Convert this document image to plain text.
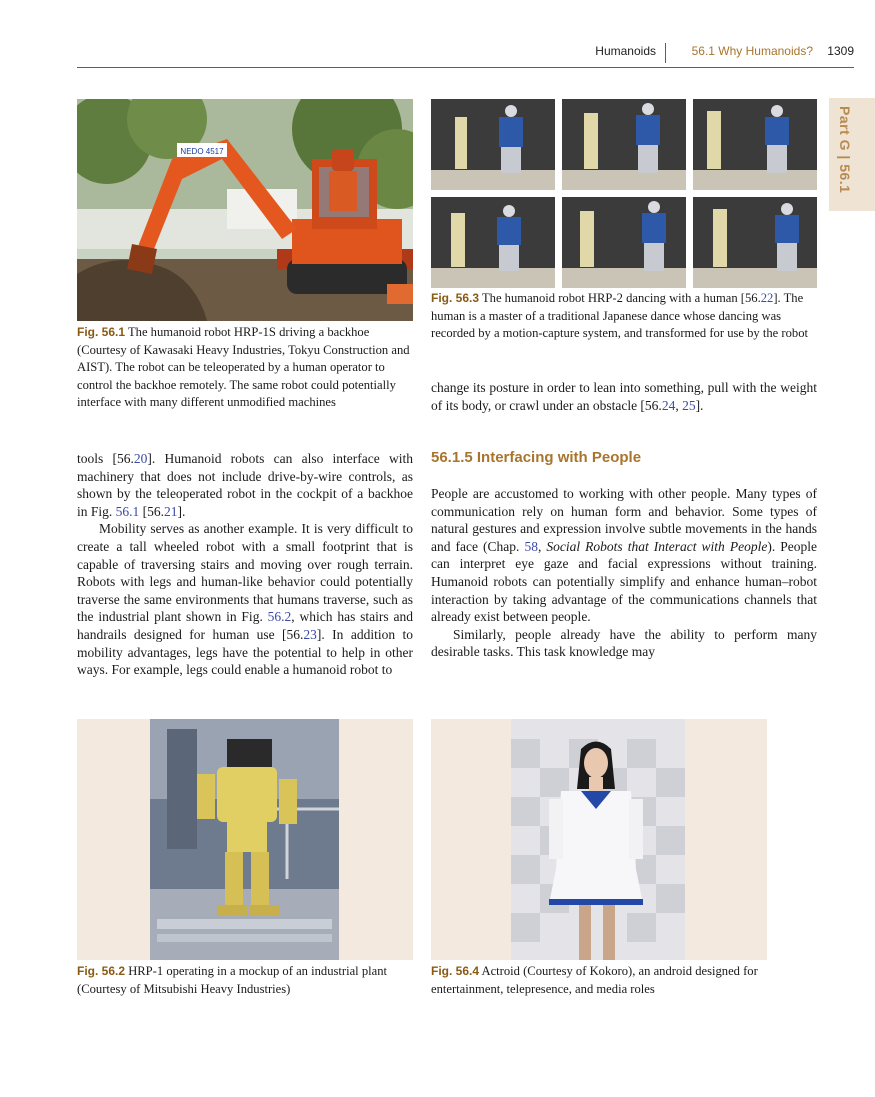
Humanoids	56.1 Why Humanoids? 1309
Part G | 56.1
NEDO 4517
Fig. 56.1 The humanoid robot HRP-1S driving a backhoe (Courtesy of Kawasaki Heavy Industries, Tokyu Construction and AIST). The robot can be teleoperated by a human operator to control the backhoe remotely. The same robot could potentially interface with many different unmodified machines
Fig. 56.3 The humanoid robot HRP-2 dancing with a human [56.22]. The human is a master of a traditional Japanese dance whose dancing was recorded by a motion-capture system, and transformed for use by the robot

tools [56.20]. Humanoid robots can also interface with machinery that does not include drive-by-wire controls, as shown by the teleoperated robot in the cockpit of a backhoe in Fig. 56.1 [56.21].

Mobility serves as another example. It is very difficult to create a tall wheeled robot with a small footprint that is capable of traversing stairs and moving over rough terrain. Robots with legs and human-like behavior could potentially traverse the same environments that humans traverse, such as the industrial plant shown in Fig. 56.2, which has stairs and handrails designed for human use [56.23]. In addition to mobility advantages, legs have the potential to help in other ways. For example, legs could enable a humanoid robot to

change its posture in order to lean into something, pull with the weight of its body, or crawl under an obstacle [56.24, 25].

56.1.5 Interfacing with People

People are accustomed to working with other people. Many types of communication rely on human form and behavior. Some types of natural gestures and expression involve subtle movements in the hands and face (Chap. 58, Social Robots that Interact with People). People can interpret eye gaze and facial expressions without training. Humanoid robots can potentially simplify and enhance human–robot interaction by taking advantage of the communications channels that already exist between people.

Similarly, people already have the ability to perform many desirable tasks. This task knowledge may

Fig. 56.2 HRP-1 operating in a mockup of an industrial plant (Courtesy of Mitsubishi Heavy Industries)
Fig. 56.4 Actroid (Courtesy of Kokoro), an android designed for entertainment, telepresence, and media roles
